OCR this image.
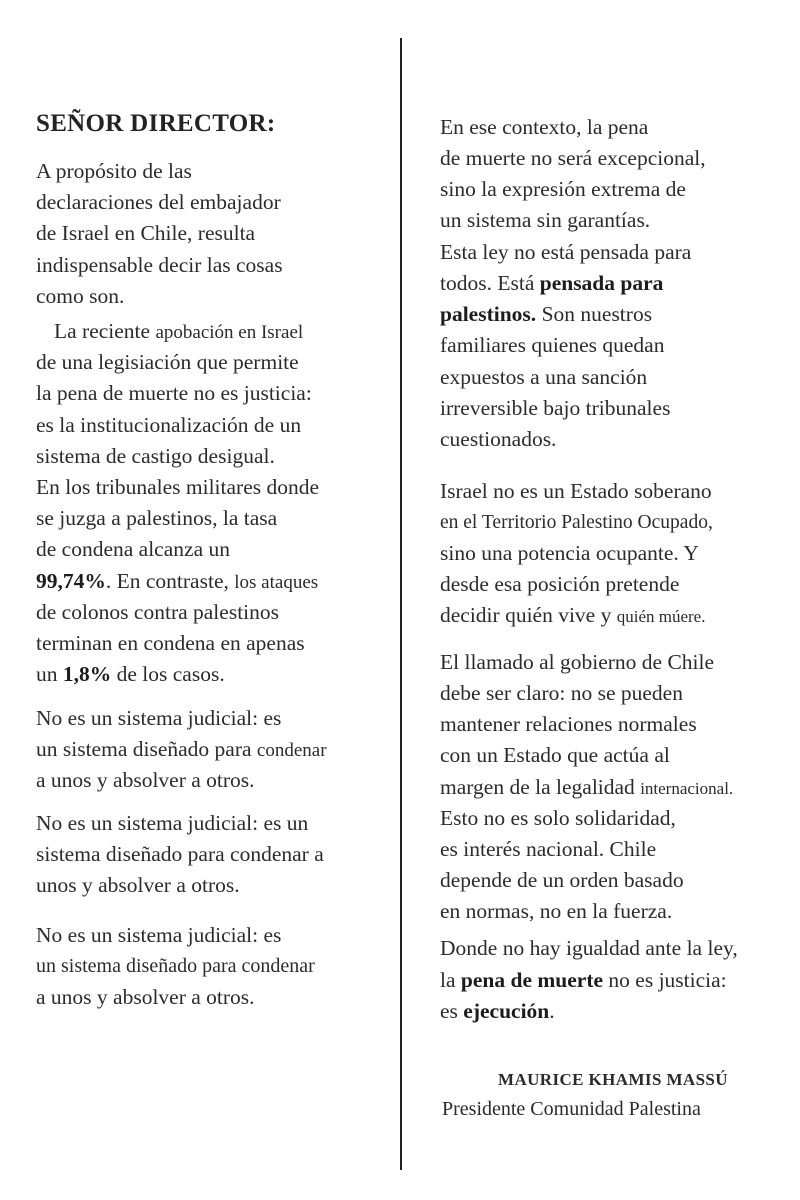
SEÑOR DIRECTOR:
A propósito de las
declaraciones del embajador
de Israel en Chile, resulta
indispensable decir las cosas
como son.
La reciente apobación en Israel
de una legisiación que permite
la pena de muerte no es justicia:
es la institucionalización de un
sistema de castigo desigual.
En los tribunales militares donde
se juzga a palestinos, la tasa
de condena alcanza un
99,74%. En contraste, los ataques
de colonos contra palestinos
terminan en condena en apenas
un 1,8% de los casos.
No es un sistema judicial: es
un sistema diseñado para condenar
a unos y absolver a otros.
No es un sistema judicial: es un
sistema diseñado para condenar a
unos y absolver a otros.
No es un sistema judicial: es
un sistema diseñado para condenar
a unos y absolver a otros.
En ese contexto, la pena
de muerte no será excepcional,
sino la expresión extrema de
un sistema sin garantías.
Esta ley no está pensada para
todos. Está pensada para
palestinos. Son nuestros
familiares quienes quedan
expuestos a una sanción
irreversible bajo tribunales
cuestionados.
Israel no es un Estado soberano
en el Territorio Palestino Ocupado,
sino una potencia ocupante. Y
desde esa posición pretende
decidir quién vive y quién múere.
El llamado al gobierno de Chile
debe ser claro: no se pueden
mantener relaciones normales
con un Estado que actúa al
margen de la legalidad internacional.
Esto no es solo solidaridad,
es interés nacional. Chile
depende de un orden basado
en normas, no en la fuerza.
Donde no hay igualdad ante la ley,
la pena de muerte no es justicia:
es ejecución.
MAURICE KHAMIS MASSÚ
Presidente Comunidad Palestina
